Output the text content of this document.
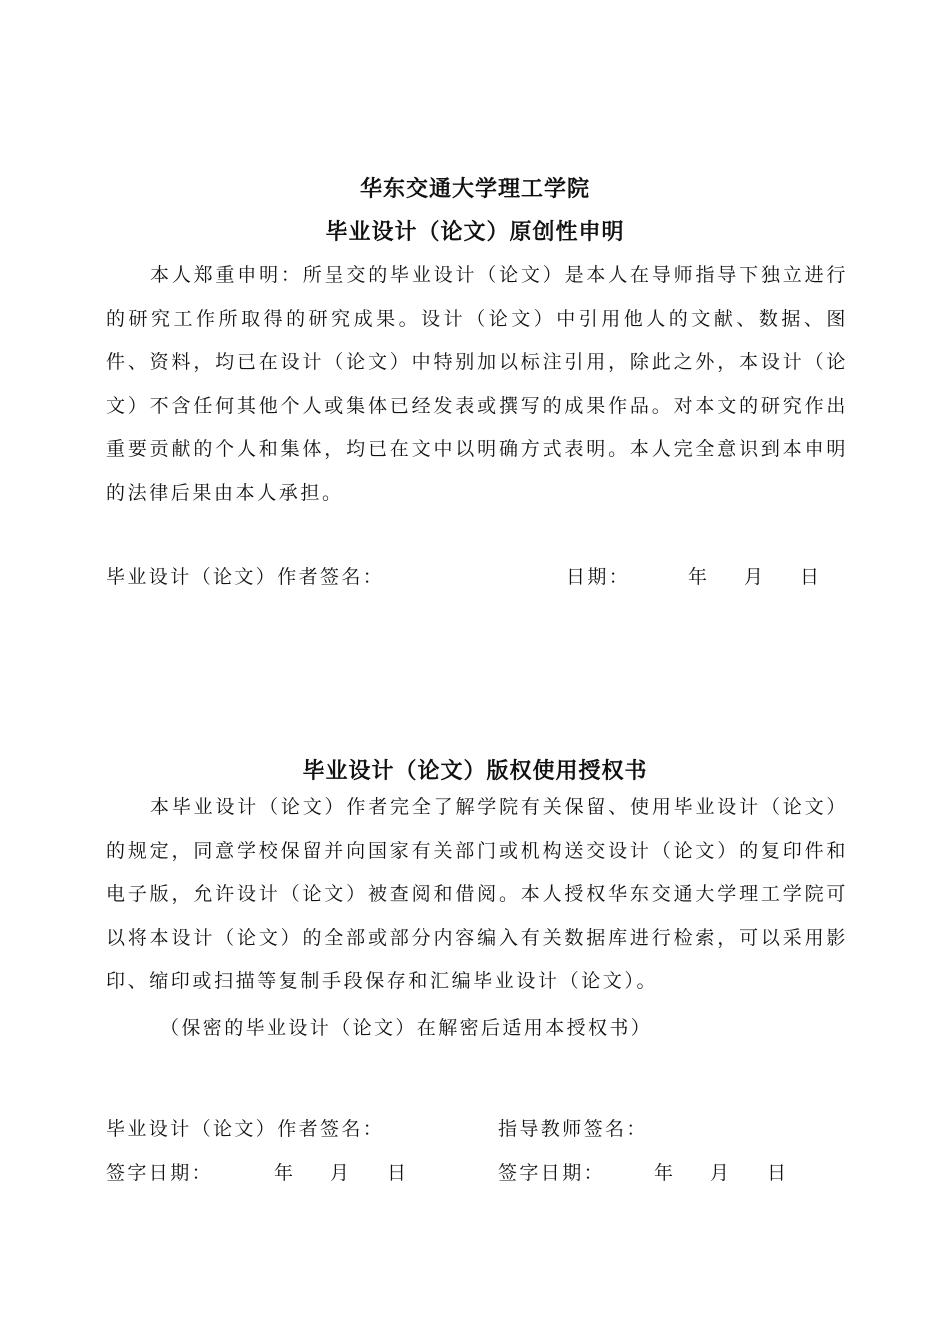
华东交通大学理工学院
毕业设计（论文）原创性申明

本人郑重申明：所呈交的毕业设计（论文）是本人在导师指导下独立进行的研究工作所取得的研究成果。设计（论文）中引用他人的文献、数据、图件、资料，均已在设计（论文）中特别加以标注引用，除此之外，本设计（论文）不含任何其他个人或集体已经发表或撰写的成果作品。对本文的研究作出重要贡献的个人和集体，均已在文中以明确方式表明。本人完全意识到本申明的法律后果由本人承担。

毕业设计（论文）作者签名：	日期：	年 月 日
毕业设计（论文）版权使用授权书

本毕业设计（论文）作者完全了解学院有关保留、使用毕业设计（论文）的规定，同意学校保留并向国家有关部门或机构送交设计（论文）的复印件和电子版，允许设计（论文）被查阅和借阅。本人授权华东交通大学理工学院可以将本设计（论文）的全部或部分内容编入有关数据库进行检索，可以采用影印、缩印或扫描等复制手段保存和汇编毕业设计（论文）。

（保密的毕业设计（论文）在解密后适用本授权书）
毕业设计（论文）作者签名：	指导教师签名：
签字日期：	年 月 日	签字日期：	年 月 日
